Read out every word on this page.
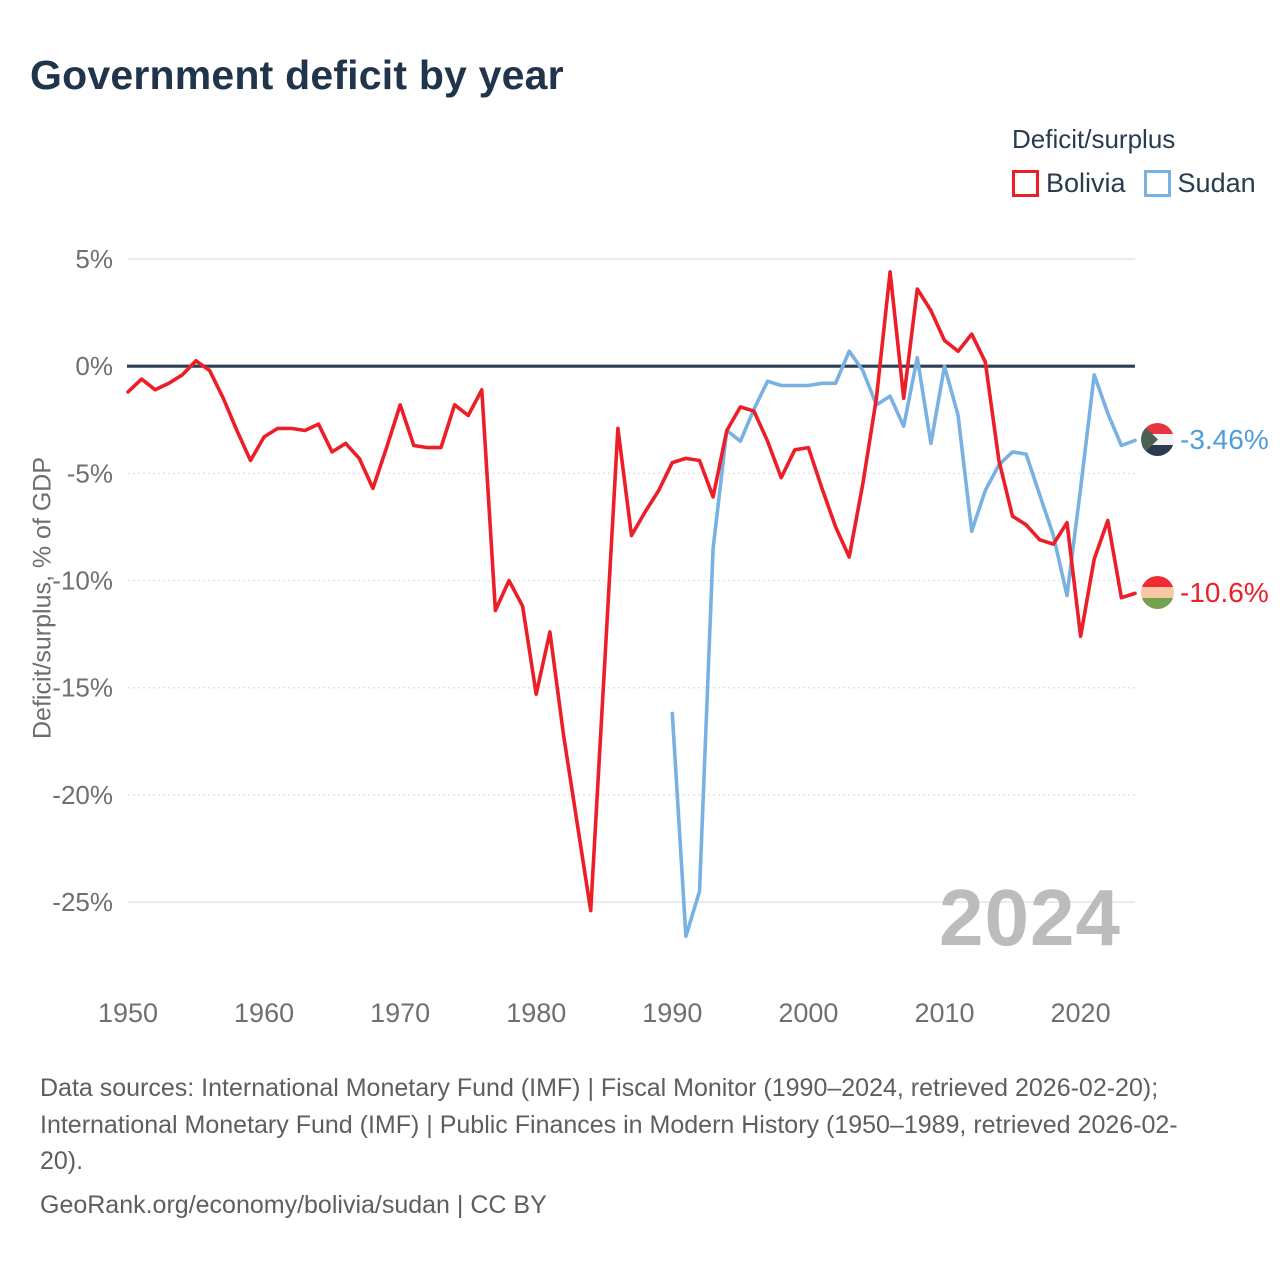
Government deficit by year
Deficit/surplus
Bolivia Sudan
Deficit/surplus, % of GDP
5%
0%
-5%
-10%
-15%
-20%
-25%
1950	1960	1970	1980	1990	2000	2010	2020
2024
-3.46%
-10.6%
Data sources: International Monetary Fund (IMF) | Fiscal Monitor (1990–2024, retrieved 2026-02-20);
International Monetary Fund (IMF) | Public Finances in Modern History (1950–1989, retrieved 2026-02-
20).
GeoRank.org/economy/bolivia/sudan | CC BY
